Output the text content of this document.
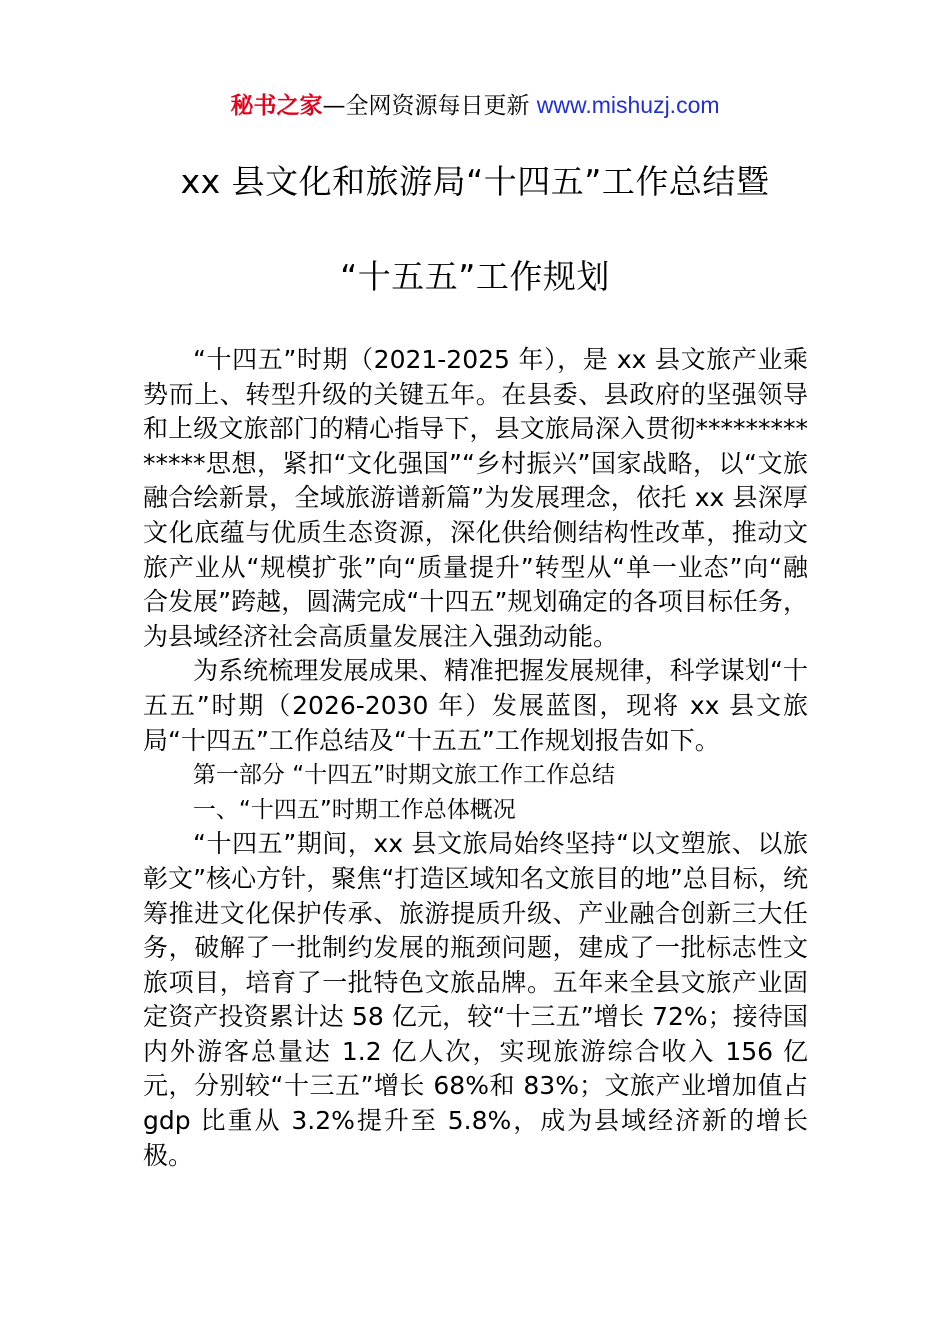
秘书之家—全网资源每日更新 www.mishuzj.com
xx 县文化和旅游局“十四五”工作总结暨
“十五五”工作规划

“十四五”时期（2021-2025 年），是 xx 县文旅产业乘势而上、转型升级的关键五年。在县委、县政府的坚强领导和上级文旅部门的精心指导下，县文旅局深入贯彻**************思想，紧扣“文化强国”“乡村振兴”国家战略，以“文旅融合绘新景，全域旅游谱新篇”为发展理念，依托 xx 县深厚文化底蕴与优质生态资源，深化供给侧结构性改革，推动文旅产业从“规模扩张”向“质量提升”转型从“单一业态”向“融合发展”跨越，圆满完成“十四五”规划确定的各项目标任务，为县域经济社会高质量发展注入强劲动能。

为系统梳理发展成果、精准把握发展规律，科学谋划“十五五”时期（2026-2030 年）发展蓝图，现将 xx 县文旅局“十四五”工作总结及“十五五”工作规划报告如下。

第一部分 “十四五”时期文旅工作工作总结

一、“十四五”时期工作总体概况

“十四五”期间，xx 县文旅局始终坚持“以文塑旅、以旅彰文”核心方针，聚焦“打造区域知名文旅目的地”总目标，统筹推进文化保护传承、旅游提质升级、产业融合创新三大任务，破解了一批制约发展的瓶颈问题，建成了一批标志性文旅项目，培育了一批特色文旅品牌。五年来全县文旅产业固定资产投资累计达 58 亿元，较“十三五”增长 72%；接待国内外游客总量达 1.2 亿人次，实现旅游综合收入 156 亿元，分别较“十三五”增长 68%和 83%；文旅产业增加值占 gdp 比重从 3.2%提升至 5.8%，成为县域经济新的增长极。
